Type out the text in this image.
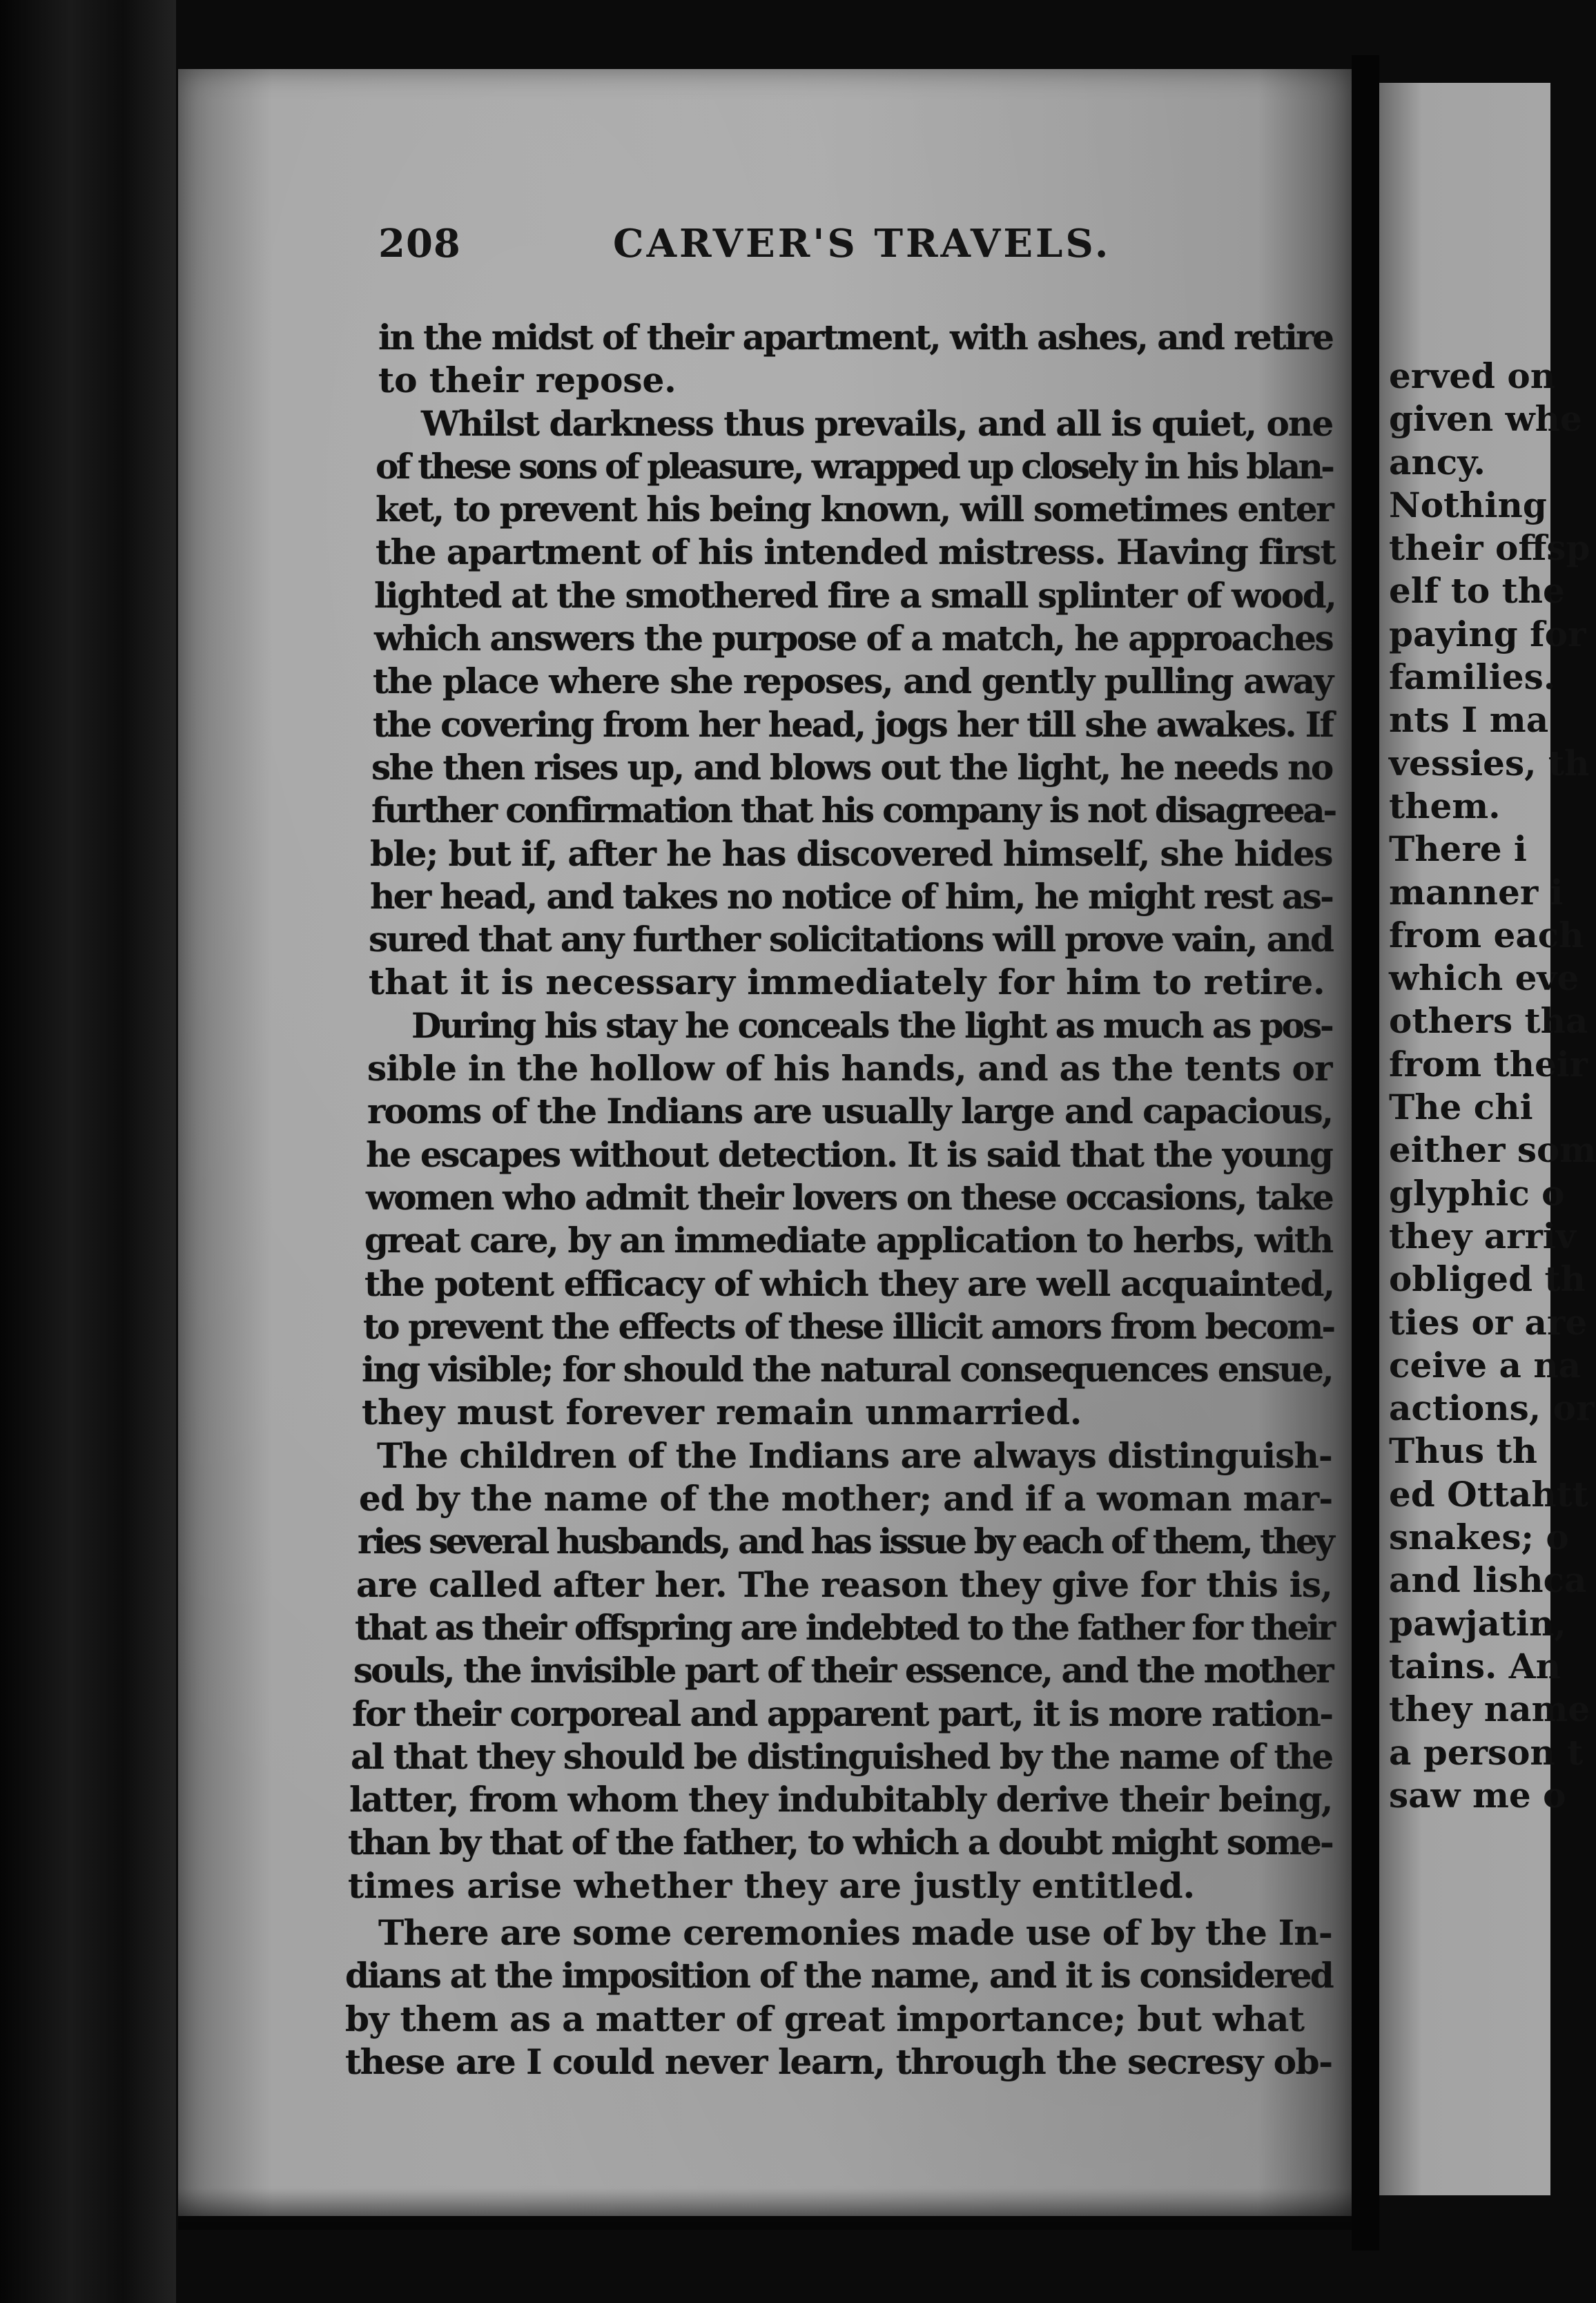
erved on
given whe
ancy.
Nothing
their offsp
elf to the
paying for
families.
nts I ma
vessies, th
them.
There i
manner i
from each
which eve
others tha
from their
The chi
either som
glyphic o
they arriv
obliged th
ties or are
ceive a na
actions, or
Thus th
ed Ottahtt
snakes; o
and lishca
pawjatin,
tains. An
they name
a person t
saw me o
208	CARVER'S TRAVELS.
in the midst of their apartment, with ashes, and retire
to their repose.
Whilst darkness thus prevails, and all is quiet, one
of these sons of pleasure, wrapped up closely in his blan-
ket, to prevent his being known, will sometimes enter
the apartment of his intended mistress. Having first
lighted at the smothered fire a small splinter of wood,
which answers the purpose of a match, he approaches
the place where she reposes, and gently pulling away
the covering from her head, jogs her till she awakes. If
she then rises up, and blows out the light, he needs no
further confirmation that his company is not disagreea-
ble; but if, after he has discovered himself, she hides
her head, and takes no notice of him, he might rest as-
sured that any further solicitations will prove vain, and
that it is necessary immediately for him to retire.
During his stay he conceals the light as much as pos-
sible in the hollow of his hands, and as the tents or
rooms of the Indians are usually large and capacious,
he escapes without detection. It is said that the young
women who admit their lovers on these occasions, take
great care, by an immediate application to herbs, with
the potent efficacy of which they are well acquainted,
to prevent the effects of these illicit amors from becom-
ing visible; for should the natural consequences ensue,
they must forever remain unmarried.
The children of the Indians are always distinguish-
ed by the name of the mother; and if a woman mar-
ries several husbands, and has issue by each of them, they
are called after her. The reason they give for this is,
that as their offspring are indebted to the father for their
souls, the invisible part of their essence, and the mother
for their corporeal and apparent part, it is more ration-
al that they should be distinguished by the name of the
latter, from whom they indubitably derive their being,
than by that of the father, to which a doubt might some-
times arise whether they are justly entitled.
There are some ceremonies made use of by the In-
dians at the imposition of the name, and it is considered
by them as a matter of great importance; but what
these are I could never learn, through the secresy ob-
